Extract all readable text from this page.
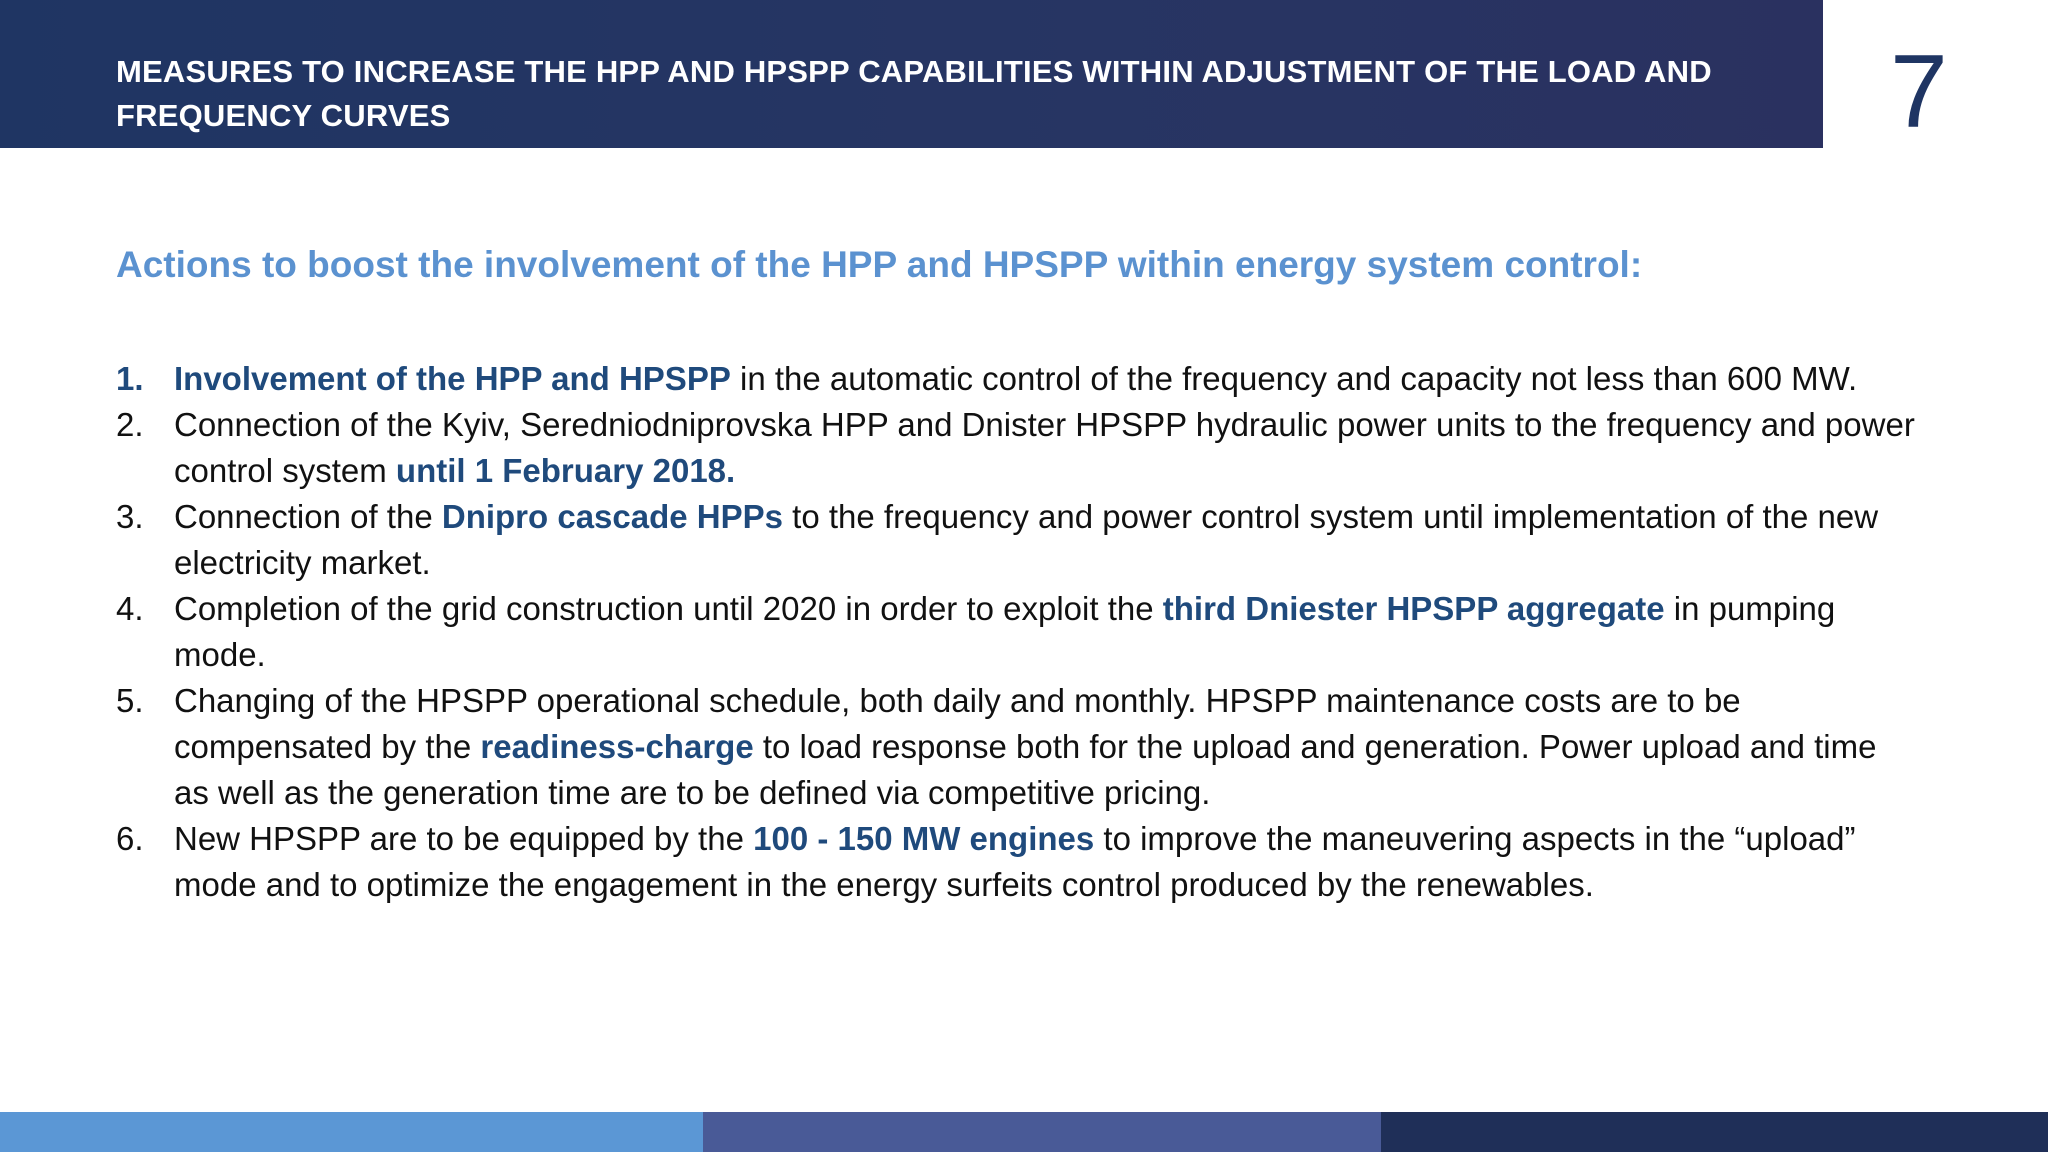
MEASURES TO INCREASE THE HPP AND HPSPP CAPABILITIES WITHIN ADJUSTMENT OF THE LOAD AND
FREQUENCY CURVES	7
Actions to boost the involvement of the HPP and HPSPP within energy system control:
1. Involvement of the HPP and HPSPP in the automatic control of the frequency and capacity not less than 600 MW.
2. Connection of the Kyiv, Seredniodniprovska HPP and Dnister HPSPP hydraulic power units to the frequency and power control system until 1 February 2018.
3. Connection of the Dnipro cascade HPPs to the frequency and power control system until implementation of the new electricity market.
4. Completion of the grid construction until 2020 in order to exploit the third Dniester HPSPP aggregate in pumping mode.
5. Changing of the HPSPP operational schedule, both daily and monthly. HPSPP maintenance costs are to be compensated by the readiness-charge to load response both for the upload and generation. Power upload and time as well as the generation time are to be defined via competitive pricing.
6. New HPSPP are to be equipped by the 100 - 150 MW engines to improve the maneuvering aspects in the “upload” mode and to optimize the engagement in the energy surfeits control produced by the renewables.
